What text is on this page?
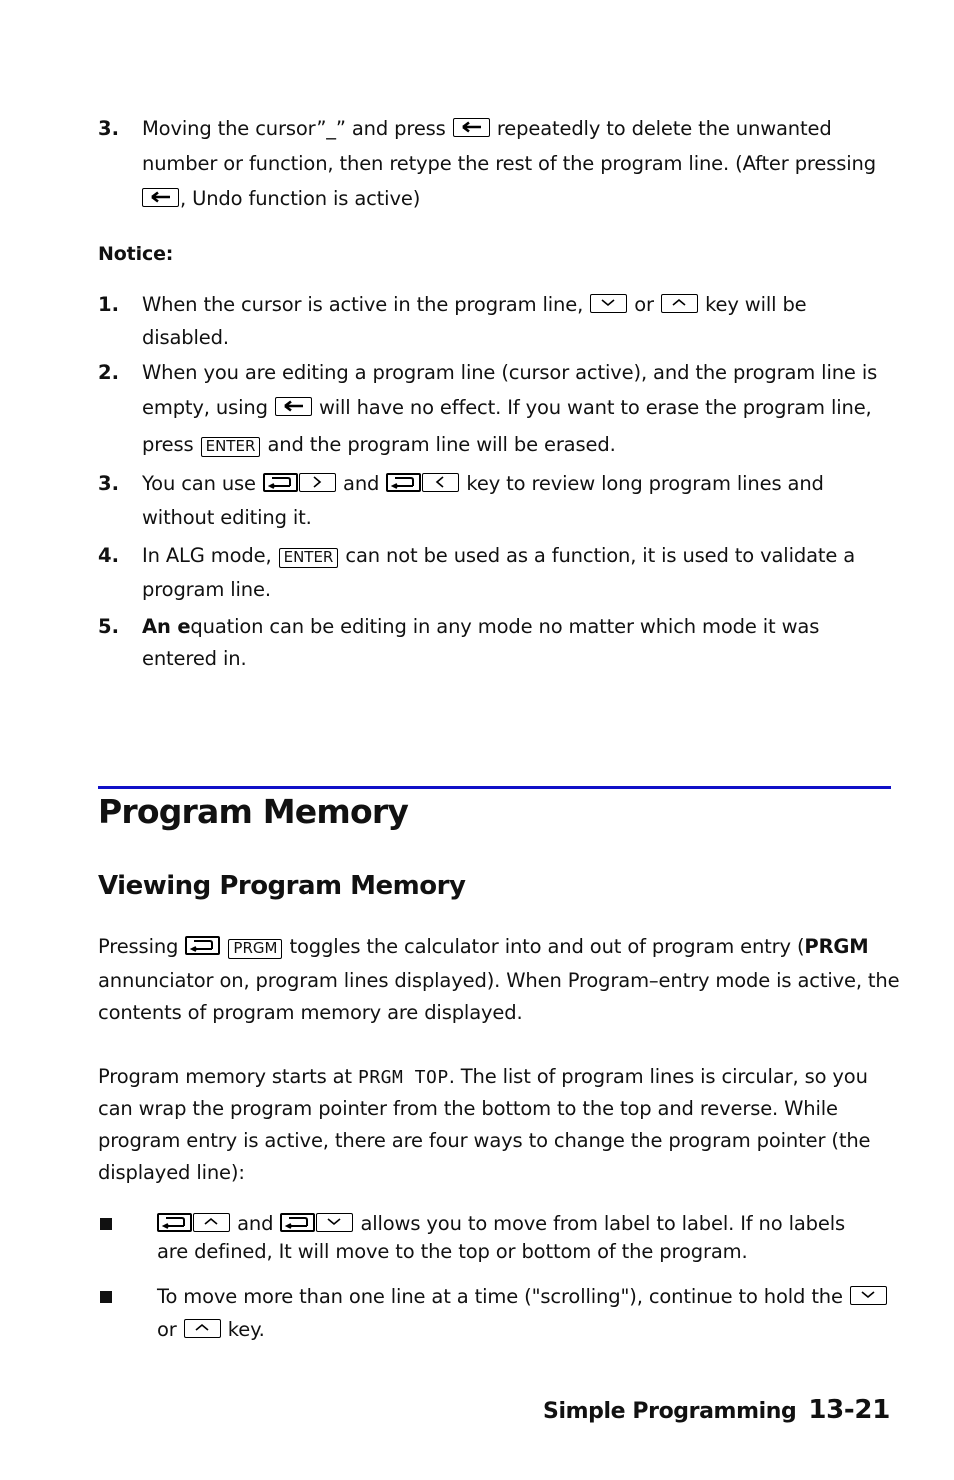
3. Moving the cursor”_” and press	repeatedly to delete the unwanted
number or function, then retype the rest of the program line. (After pressing
, Undo function is active)
Notice:
1. When the cursor is active in the program line,	or	key will be
disabled.
2. When you are editing a program line (cursor active), and the program line is
empty, using	will have no effect. If you want to erase the program line,
press ENTER and the program line will be erased.
3. You can use	and	key to review long program lines and
without editing it.
4. In ALG mode, ENTER can not be used as a function, it is used to validate a
program line.
5. An equation can be editing in any mode no matter which mode it was
entered in.
Program Memory
Viewing Program Memory
Pressing	PRGM toggles the calculator into and out of program entry (PRGM
annunciator on, program lines displayed). When Program–entry mode is active, the
contents of program memory are displayed.
Program memory starts at PRGM TOP. The list of program lines is circular, so you
can wrap the program pointer from the bottom to the top and reverse. While
program entry is active, there are four ways to change the program pointer (the
displayed line):
and	allows you to move from label to label. If no labels
are defined, It will move to the top or bottom of the program.
To move more than one line at a time ("scrolling"), continue to hold the
or	key.
Simple Programming 13-21
